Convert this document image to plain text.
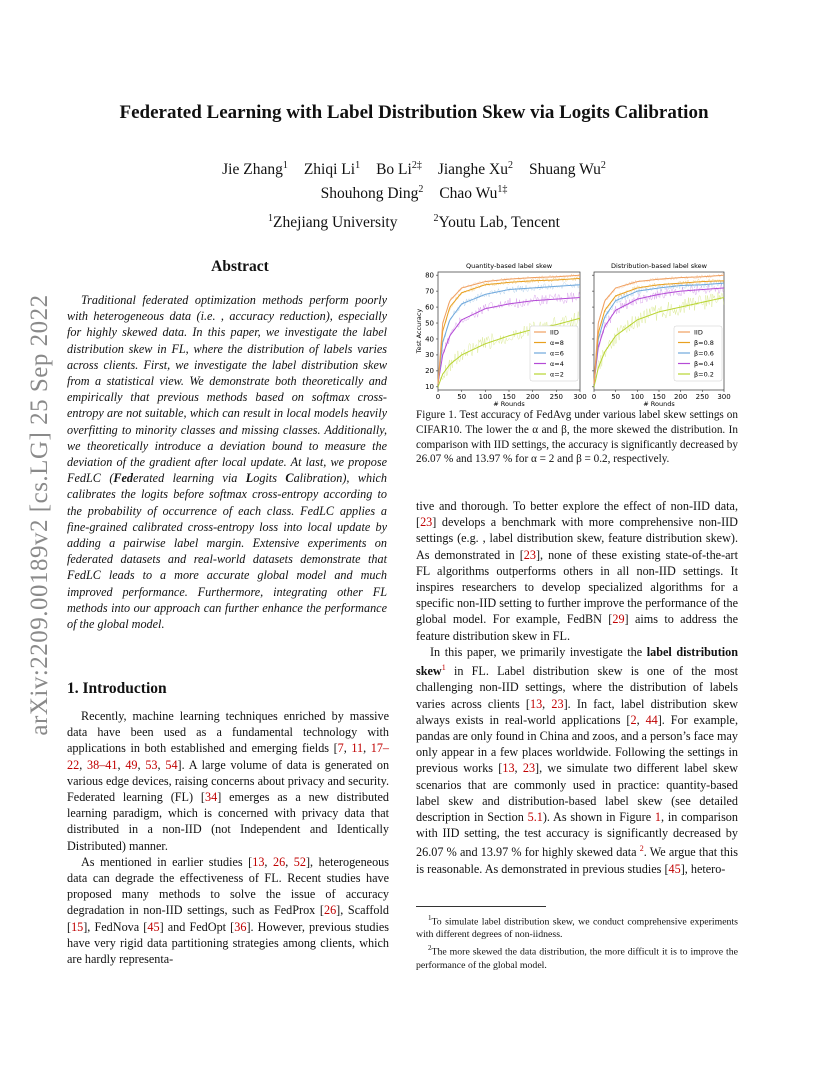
arXiv:2209.00189v2 [cs.LG] 25 Sep 2022
Federated Learning with Label Distribution Skew via Logits Calibration
Jie Zhang$^1$ Zhiqi Li$^1$ Bo $Li^{2\ddagger}$ Jianghe Xu$^2$ Shuang Wu$^2$
Shouhong Ding$^2$ Chao $Wu^{1\ddagger}$
$^1$Zhejiang University	$^2$Youtu Lab, Tencent
Abstract

Traditional federated optimization methods perform poorly with heterogeneous data (i.e. , accuracy reduction), especially for highly skewed data. In this paper, we investigate the label distribution skew in FL, where the distribution of labels varies across clients. First, we investigate the label distribution skew from a statistical view. We demonstrate both theoretically and empirically that previous methods based on softmax cross-entropy are not suitable, which can result in local models heavily overfitting to minority classes and missing classes. Additionally, we theoretically introduce a deviation bound to measure the deviation of the gradient after local update. At last, we propose FedLC (Federated learning via Logits Calibration), which calibrates the logits before softmax cross-entropy according to the probability of occurrence of each class. FedLC applies a fine-grained calibrated cross-entropy loss into local update by adding a pairwise label margin. Extensive experiments on federated datasets and real-world datasets demonstrate that FedLC leads to a more accurate global model and much improved performance. Furthermore, integrating other FL methods into our approach can further enhance the performance of the global model.

1. Introduction

Recently, machine learning techniques enriched by massive data have been used as a fundamental technology with applications in both established and emerging fields [7, 11, 17–22, 38–41, 49, 53, 54]. A large volume of data is generated on various edge devices, raising concerns about privacy and security. Federated learning (FL) [34] emerges as a new distributed learning paradigm, which is concerned with privacy data that distributed in a non-IID (not Independent and Identically Distributed) manner.

As mentioned in earlier studies [13, 26, 52], heterogeneous data can degrade the effectiveness of FL. Recent studies have proposed many methods to solve the issue of accuracy degradation in non-IID settings, such as FedProx [26], Scaffold [15], FedNova [45] and FedOpt [36]. However, previous studies have very rigid data partitioning strategies among clients, which are hardly representa-

Quantity-based label skew
10
20
30
40
50
60
70
80
0 50 100 150 200 250 300
# Rounds
Test Accuracy	IID
α=8
α=6
α=4
α=2
Distribution-based label skew
0 50 100 150 200 250 300
# Rounds
IID
β=0.8
β=0.6
β=0.4
β=0.2

Figure 1. Test accuracy of FedAvg under various label skew settings on CIFAR10. The lower the α and β, the more skewed the distribution. In comparison with IID settings, the accuracy is significantly decreased by 26.07 % and 13.97 % for α = 2 and β = 0.2, respectively.

tive and thorough. To better explore the effect of non-IID data, [23] develops a benchmark with more comprehensive non-IID settings (e.g. , label distribution skew, feature distribution skew). As demonstrated in [23], none of these existing state-of-the-art FL algorithms outperforms others in all non-IID settings. It inspires researchers to develop specialized algorithms for a specific non-IID setting to further improve the performance of the global model. For example, FedBN [29] aims to address the feature distribution skew in FL.

In this paper, we primarily investigate the label distribution skew$^1$ in FL. Label distribution skew is one of the most challenging non-IID settings, where the distribution of labels varies across clients [13, 23]. In fact, label distribution skew always exists in real-world applications [2, 44]. For example, pandas are only found in China and zoos, and a person’s face may only appear in a few places worldwide. Following the settings in previous works [13, 23], we simulate two different label skew scenarios that are commonly used in practice: quantity-based label skew and distribution-based label skew (see detailed description in Section 5.1). As shown in Figure 1, in comparison with IID setting, the test accuracy is significantly decreased by 26.07 % and 13.97 % for highly skewed data $^2$. We argue that this is reasonable. As demonstrated in previous studies [45], hetero-

$^1$To simulate label distribution skew, we conduct comprehensive experiments with different degrees of non-iidness.

$^2$The more skewed the data distribution, the more difficult it is to improve the performance of the global model.
